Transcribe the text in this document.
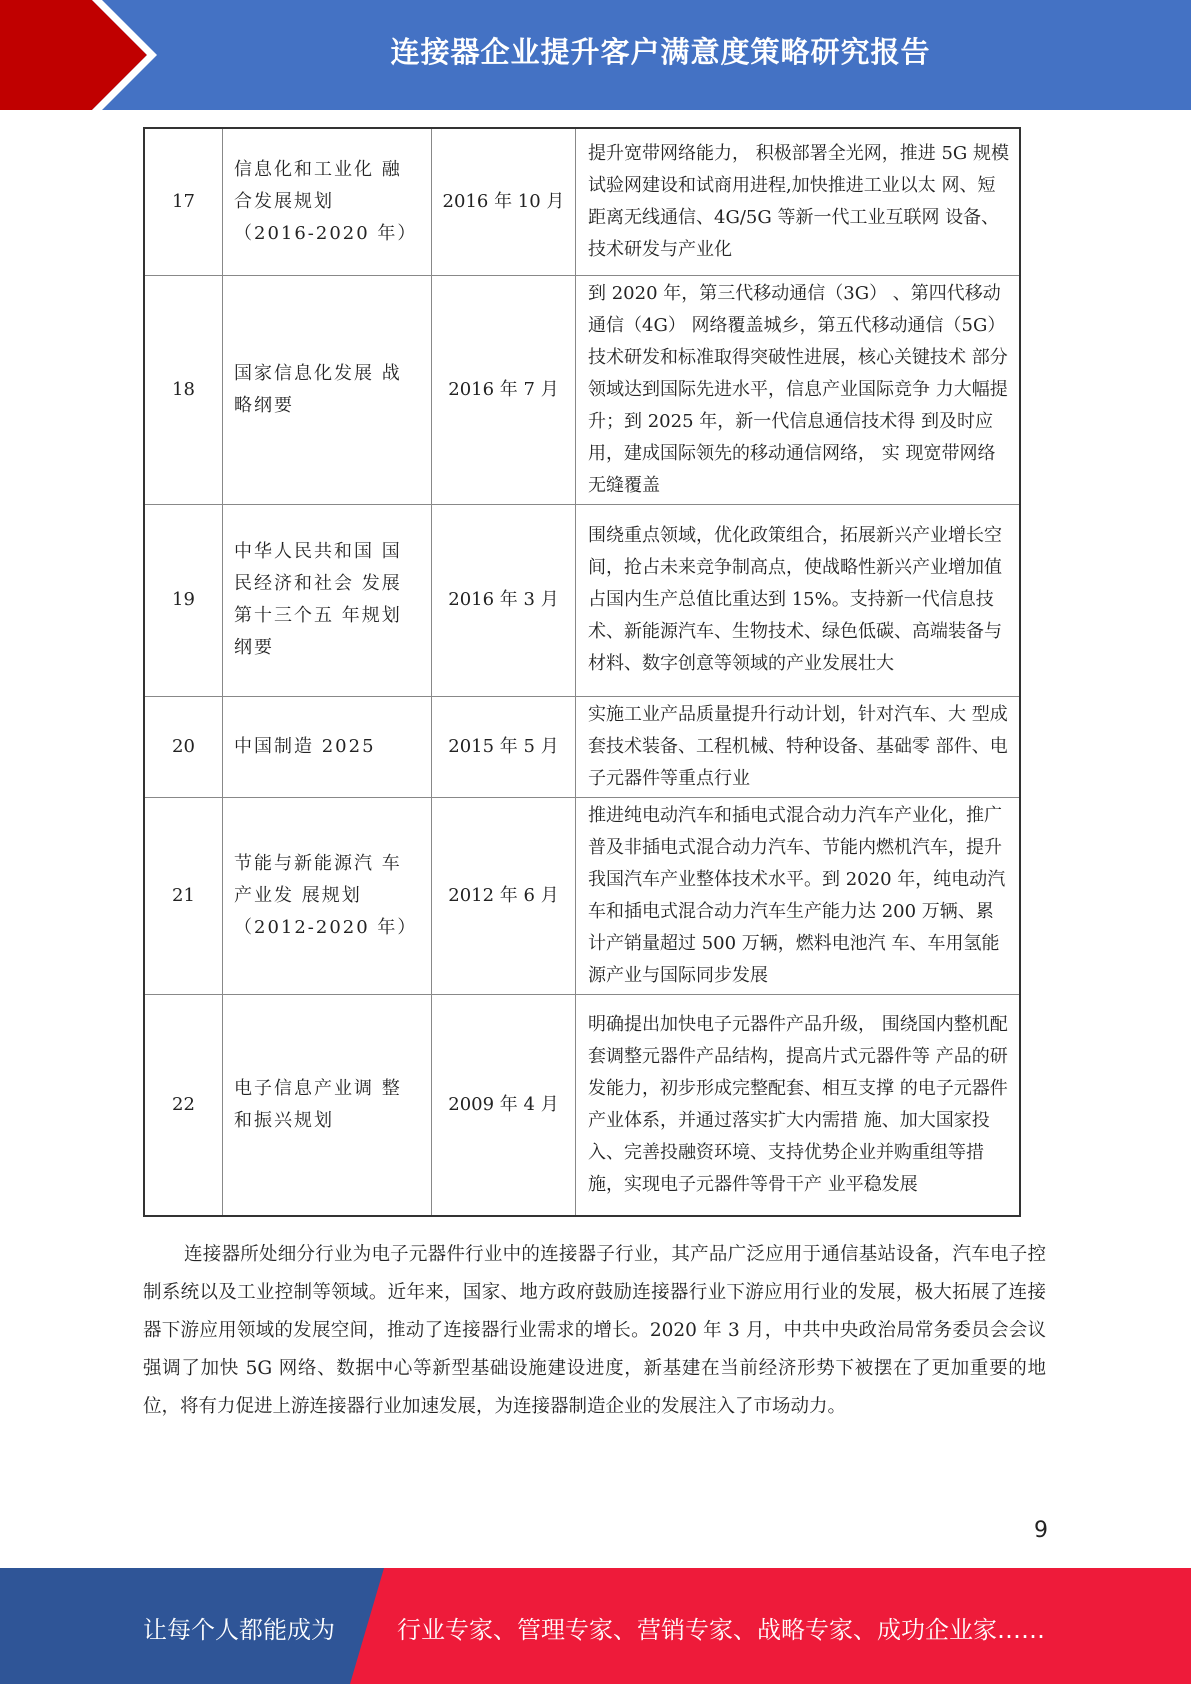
连接器企业提升客户满意度策略研究报告
17	信息化和工业化 融合发展规划 （2016-2020 年）	2016 年 10 月	提升宽带网络能力， 积极部署全光网，推进 5G 规模试验网建设和试商用进程,加快推进工业以太 网、短距离无线通信、4G/5G 等新一代工业互联网 设备、技术研发与产业化
18	国家信息化发展 战略纲要	2016 年 7 月	到 2020 年，第三代移动通信（3G） 、第四代移动 通信（4G） 网络覆盖城乡，第五代移动通信（5G） 技术研发和标准取得突破性进展，核心关键技术 部分领域达到国际先进水平，信息产业国际竞争 力大幅提升；到 2025 年，新一代信息通信技术得 到及时应用，建成国际领先的移动通信网络， 实 现宽带网络无缝覆盖
19	中华人民共和国 国民经济和社会 发展第十三个五 年规划纲要	2016 年 3 月	围绕重点领域，优化政策组合，拓展新兴产业增长空间，抢占未来竞争制高点，使战略性新兴产业增加值占国内生产总值比重达到 15%。支持新一代信息技术、新能源汽车、生物技术、绿色低碳、高端装备与材料、数字创意等领域的产业发展壮大
20	中国制造 2025	2015 年 5 月	实施工业产品质量提升行动计划，针对汽车、大 型成套技术装备、工程机械、特种设备、基础零 部件、电子元器件等重点行业
21	节能与新能源汽 车产业发 展规划 （2012-2020 年）	2012 年 6 月	推进纯电动汽车和插电式混合动力汽车产业化，推广普及非插电式混合动力汽车、节能内燃机汽车，提升我国汽车产业整体技术水平。到 2020 年，纯电动汽车和插电式混合动力汽车生产能力达 200 万辆、累计产销量超过 500 万辆，燃料电池汽 车、车用氢能源产业与国际同步发展
22	电子信息产业调 整和振兴规划	2009 年 4 月	明确提出加快电子元器件产品升级， 围绕国内整机配套调整元器件产品结构，提高片式元器件等 产品的研发能力，初步形成完整配套、相互支撑 的电子元器件产业体系，并通过落实扩大内需措 施、加大国家投入、完善投融资环境、支持优势企业并购重组等措施，实现电子元器件等骨干产 业平稳发展
连接器所处细分行业为电子元器件行业中的连接器子行业，其产品广泛应用于通信基站设备，汽车电子控制系统以及工业控制等领域。近年来，国家、地方政府鼓励连接器行业下游应用行业的发展，极大拓展了连接器下游应用领域的发展空间，推动了连接器行业需求的增长。2020 年 3 月，中共中央政治局常务委员会会议强调了加快 5G 网络、数据中心等新型基础设施建设进度，新基建在当前经济形势下被摆在了更加重要的地位，将有力促进上游连接器行业加速发展，为连接器制造企业的发展注入了市场动力。
9
让每个人都能成为	行业专家、管理专家、营销专家、战略专家、成功企业家……
